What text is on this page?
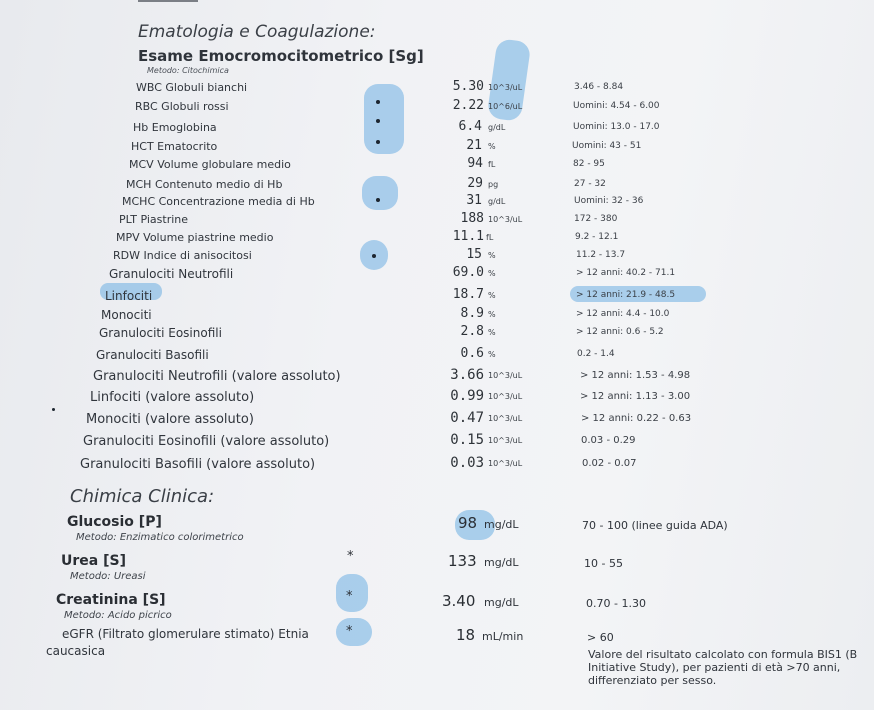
Ematologia e Coagulazione:
Esame Emocromocitometrico [Sg]
Metodo: Citochimica
WBC Globuli bianchi	5.30 10^3/uL	3.46 - 8.84
RBC Globuli rossi	2.22 10^6/uL	Uomini: 4.54 - 6.00
Hb Emoglobina	6.4 g/dL	Uomini: 13.0 - 17.0
HCT Ematocrito	21 %	Uomini: 43 - 51
MCV Volume globulare medio	94 fL	82 - 95
MCH Contenuto medio di Hb	29 pg	27 - 32
MCHC Concentrazione media di Hb	31 g/dL	Uomini: 32 - 36
PLT Piastrine	188 10^3/uL	172 - 380
MPV Volume piastrine medio	11.1 fL	9.2 - 12.1
RDW Indice di anisocitosi	15 %	11.2 - 13.7
Granulociti Neutrofili	69.0 %	> 12 anni: 40.2 - 71.1
Linfociti	18.7 %	> 12 anni: 21.9 - 48.5
Monociti	8.9 %	> 12 anni: 4.4 - 10.0
Granulociti Eosinofili	2.8 %	> 12 anni: 0.6 - 5.2
Granulociti Basofili	0.6 %	0.2 - 1.4
Granulociti Neutrofili (valore assoluto)	3.66 10^3/uL	> 12 anni: 1.53 - 4.98
Linfociti (valore assoluto)	0.99 10^3/uL	> 12 anni: 1.13 - 3.00
Monociti (valore assoluto)	0.47 10^3/uL	> 12 anni: 0.22 - 0.63
Granulociti Eosinofili (valore assoluto)	0.15 10^3/uL	0.03 - 0.29
Granulociti Basofili (valore assoluto)	0.03 10^3/uL	0.02 - 0.07
Chimica Clinica:
Glucosio [P]
Metodo: Enzimatico colorimetrico
98 mg/dL	70 - 100 (linee guida ADA)
Urea [S]
Metodo: Ureasi
*	133 mg/dL	10 - 55
Creatinina [S]
Metodo: Acido picrico
*	3.40 mg/dL	0.70 - 1.30
eGFR (Filtrato glomerulare stimato) Etnia
caucasica
*	18 mL/min	> 60
Valore del risultato calcolato con formula BIS1 (B Initiative Study), per pazienti di età >70 anni, differenziato per sesso.
